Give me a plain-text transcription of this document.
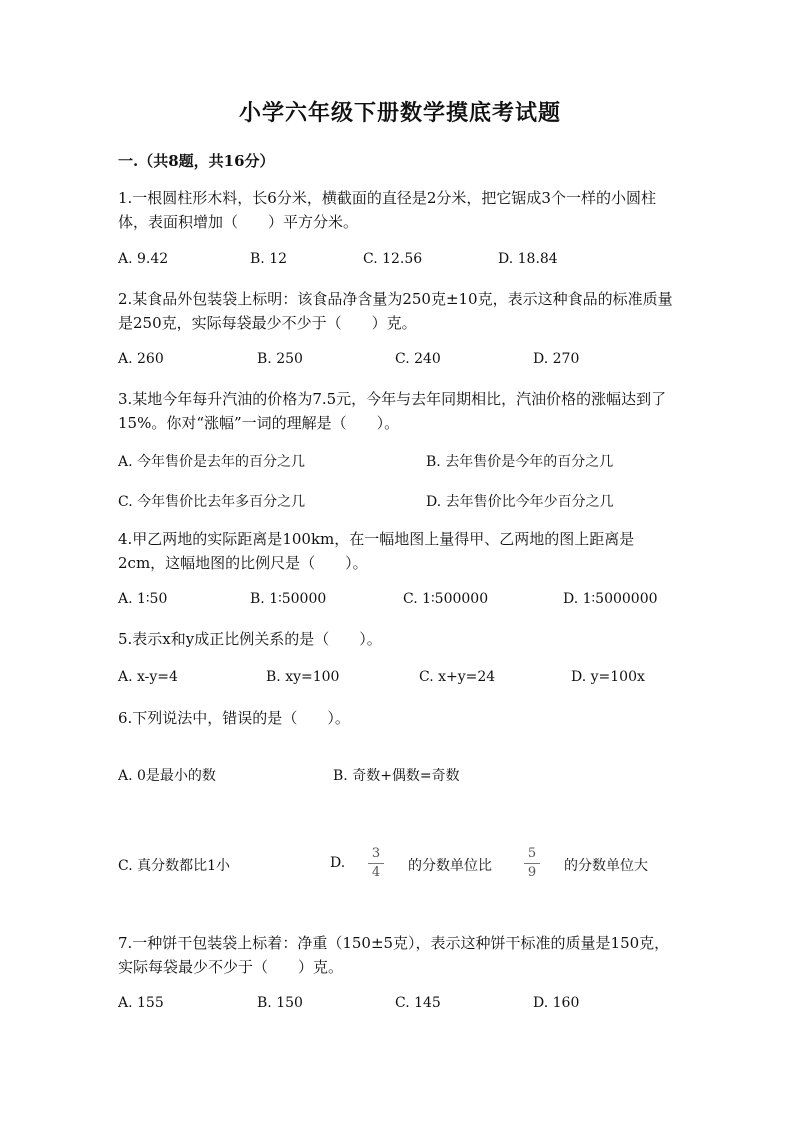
小学六年级下册数学摸底考试题
一.（共8题，共16分）
1.一根圆柱形木料，长6分米，横截面的直径是2分米，把它锯成3个一样的小圆柱体，表面积增加（　　）平方分米。
A. 9.42	B. 12	C. 12.56	D. 18.84
2.某食品外包装袋上标明：该食品净含量为250克±10克，表示这种食品的标准质量是250克，实际每袋最少不少于（　　）克。
A. 260	B. 250	C. 240	D. 270
3.某地今年每升汽油的价格为7.5元，今年与去年同期相比，汽油价格的涨幅达到了15%。你对“涨幅”一词的理解是（　　）。
A. 今年售价是去年的百分之几	B. 去年售价是今年的百分之几
C. 今年售价比去年多百分之几	D. 去年售价比今年少百分之几
4.甲乙两地的实际距离是100km，在一幅地图上量得甲、乙两地的图上距离是2cm，这幅地图的比例尺是（　　）。
A. 1∶50	B. 1∶50000	C. 1∶500000	D. 1∶5000000
5.表示x和y成正比例关系的是（　　）。
A. x-y=4	B. xy=100	C. x+y=24	D. y=100x
6.下列说法中，错误的是（　　）。
A. 0是最小的数	B. 奇数+偶数=奇数
C. 真分数都比1小	D.
3
4	的分数单位比
5
9	的分数单位大
7.一种饼干包装袋上标着：净重（150±5克），表示这种饼干标准的质量是150克，实际每袋最少不少于（　　）克。
A. 155	B. 150	C. 145	D. 160
